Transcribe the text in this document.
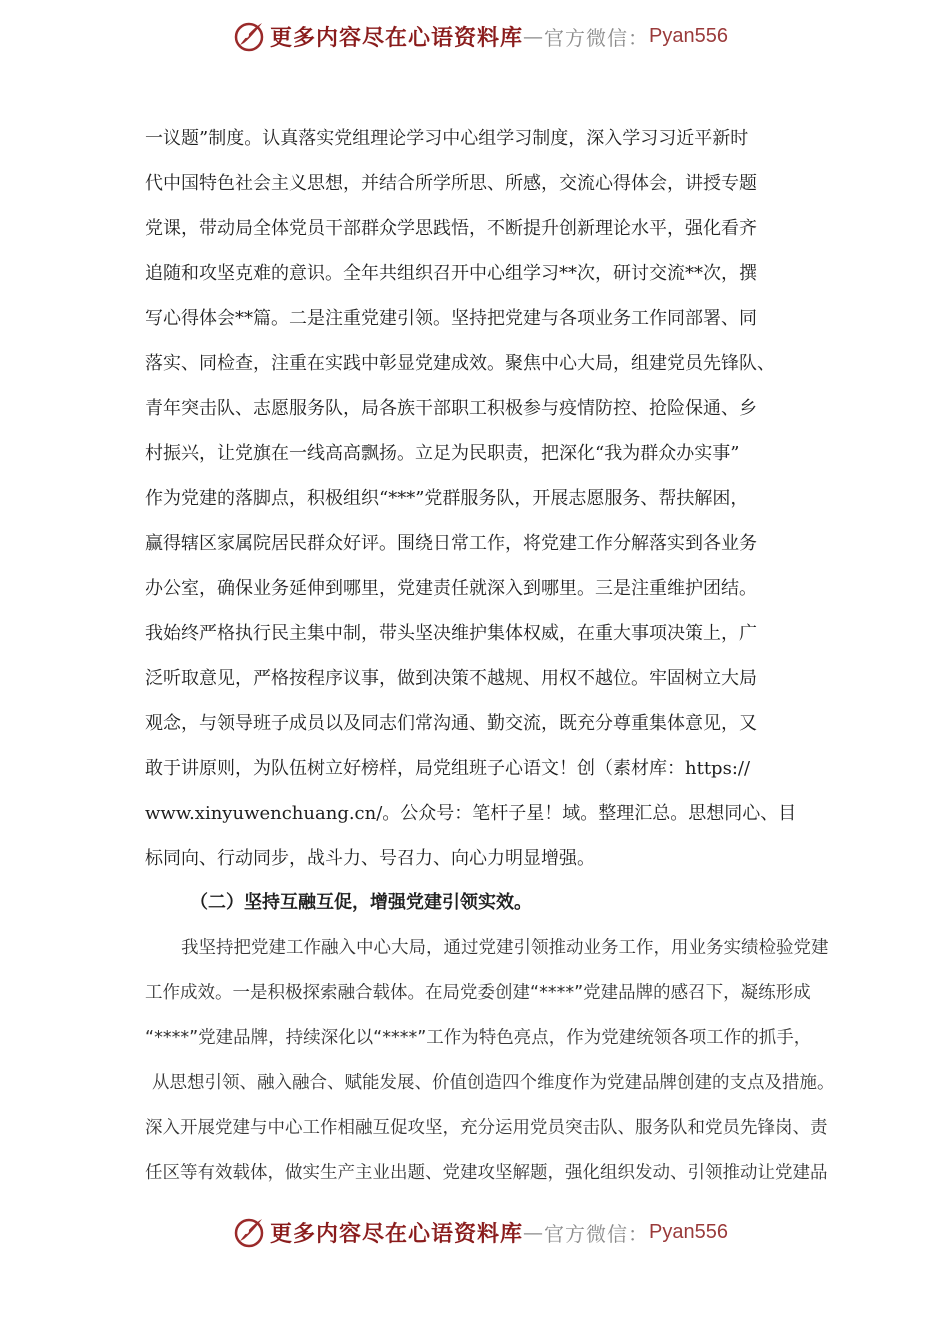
更多内容尽在心语资料库 — 官方微信： Pyan556
一议题”制度。认真落实党组理论学习中心组学习制度，深入学习习近平新时
代中国特色社会主义思想，并结合所学所思、所感，交流心得体会，讲授专题
党课，带动局全体党员干部群众学思践悟，不断提升创新理论水平，强化看齐
追随和攻坚克难的意识。全年共组织召开中心组学习**次，研讨交流**次，撰
写心得体会**篇。二是注重党建引领。坚持把党建与各项业务工作同部署、同
落实、同检查，注重在实践中彰显党建成效。聚焦中心大局，组建党员先锋队、
青年突击队、志愿服务队，局各族干部职工积极参与疫情防控、抢险保通、乡
村振兴，让党旗在一线高高飘扬。立足为民职责，把深化“我为群众办实事”
作为党建的落脚点，积极组织“***”党群服务队，开展志愿服务、帮扶解困，
赢得辖区家属院居民群众好评。围绕日常工作，将党建工作分解落实到各业务
办公室，确保业务延伸到哪里，党建责任就深入到哪里。三是注重维护团结。
我始终严格执行民主集中制，带头坚决维护集体权威，在重大事项决策上，广
泛听取意见，严格按程序议事，做到决策不越规、用权不越位。牢固树立大局
观念，与领导班子成员以及同志们常沟通、勤交流，既充分尊重集体意见，又
敢于讲原则，为队伍树立好榜样，局党组班子心语文！创（素材库：https://
www.xinyuwenchuang.cn/。公众号：笔杆子星！域。整理汇总。思想同心、目
标同向、行动同步，战斗力、号召力、向心力明显增强。
（二）坚持互融互促，增强党建引领实效。
我坚持把党建工作融入中心大局，通过党建引领推动业务工作，用业务实绩检验党建
工作成效。一是积极探索融合载体。在局党委创建“****”党建品牌的感召下，凝练形成
“****”党建品牌，持续深化以“****”工作为特色亮点，作为党建统领各项工作的抓手，
从思想引领、融入融合、赋能发展、价值创造四个维度作为党建品牌创建的支点及措施。
深入开展党建与中心工作相融互促攻坚，充分运用党员突击队、服务队和党员先锋岗、责
任区等有效载体，做实生产主业出题、党建攻坚解题，强化组织发动、引领推动让党建品
更多内容尽在心语资料库 — 官方微信： Pyan556
